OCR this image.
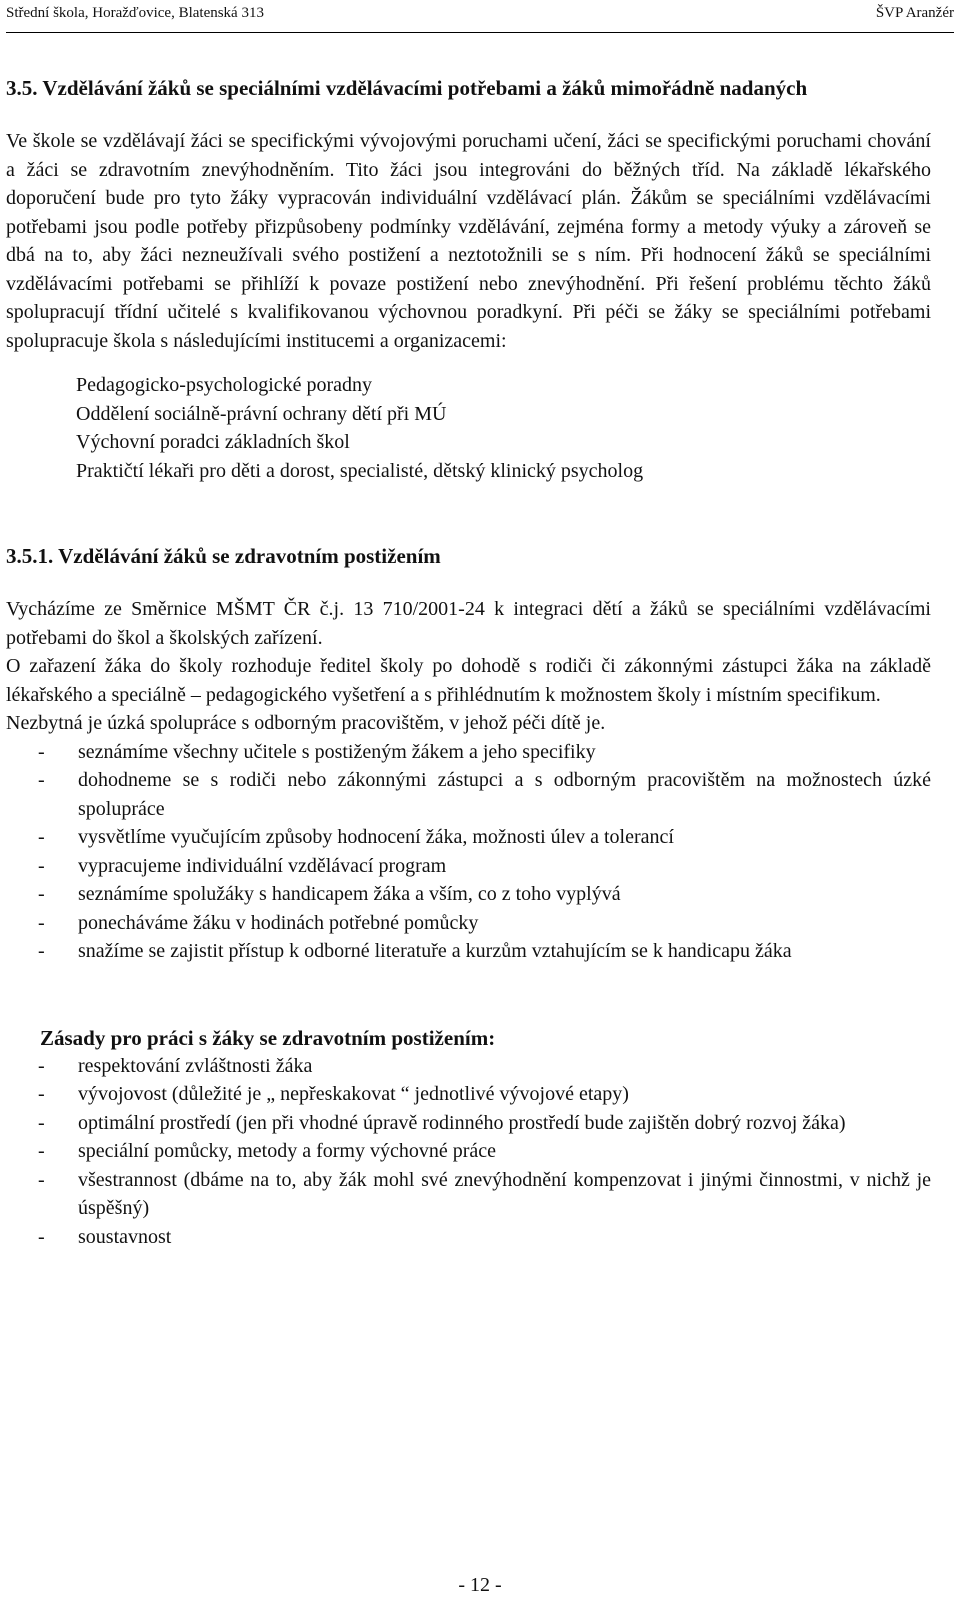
Střední škola, Horažďovice, Blatenská 313	ŠVP Aranžér
3.5. Vzdělávání žáků se speciálními vzdělávacími potřebami a žáků mimořádně nadaných

Ve škole se vzdělávají žáci se specifickými vývojovými poruchami učení, žáci se specifickými poruchami chování a žáci se zdravotním znevýhodněním. Tito žáci jsou integrováni do běžných tříd. Na základě lékařského doporučení bude pro tyto žáky vypracován individuální vzdělávací plán. Žákům se speciálními vzdělávacími potřebami jsou podle potřeby přizpůsobeny podmínky vzdělávání, zejména formy a metody výuky a zároveň se dbá na to, aby žáci nezneužívali svého postižení a neztotožnili se s ním. Při hodnocení žáků se speciálními vzdělávacími potřebami se přihlíží k povaze postižení nebo znevýhodnění. Při řešení problému těchto žáků spolupracují třídní učitelé s kvalifikovanou výchovnou poradkyní. Při péči se žáky se speciálními potřebami spolupracuje škola s následujícími institucemi a organizacemi:

Pedagogicko-psychologické poradny
Oddělení sociálně-právní ochrany dětí při MÚ
Výchovní poradci základních škol
Praktičtí lékaři pro děti a dorost, specialisté, dětský klinický psycholog
3.5.1. Vzdělávání žáků se zdravotním postižením

Vycházíme ze Směrnice MŠMT ČR č.j. 13 710/2001-24 k integraci dětí a žáků se speciálními vzdělávacími potřebami do škol a školských zařízení.

O zařazení žáka do školy rozhoduje ředitel školy po dohodě s rodiči či zákonnými zástupci žáka na základě lékařského a speciálně – pedagogického vyšetření a s přihlédnutím k možnostem školy i místním specifikum.

Nezbytná je úzká spolupráce s odborným pracovištěm, v jehož péči dítě je.

- seznámíme všechny učitele s postiženým žákem a jeho specifiky
- dohodneme se s rodiči nebo zákonnými zástupci a s odborným pracovištěm na možnostech úzké spolupráce
- vysvětlíme vyučujícím způsoby hodnocení žáka, možnosti úlev a tolerancí
- vypracujeme individuální vzdělávací program
- seznámíme spolužáky s handicapem žáka a vším, co z toho vyplývá
- ponecháváme žáku v hodinách potřebné pomůcky
- snažíme se zajistit přístup k odborné literatuře a kurzům vztahujícím se k handicapu žáka
Zásady pro práci s žáky se zdravotním postižením:
- respektování zvláštnosti žáka
- vývojovost (důležité je „ nepřeskakovat “ jednotlivé vývojové etapy)
- optimální prostředí (jen při vhodné úpravě rodinného prostředí bude zajištěn dobrý rozvoj žáka)
- speciální pomůcky, metody a formy výchovné práce
- všestrannost (dbáme na to, aby žák mohl své znevýhodnění kompenzovat i jinými činnostmi, v nichž je úspěšný)
- soustavnost
- 12 -
